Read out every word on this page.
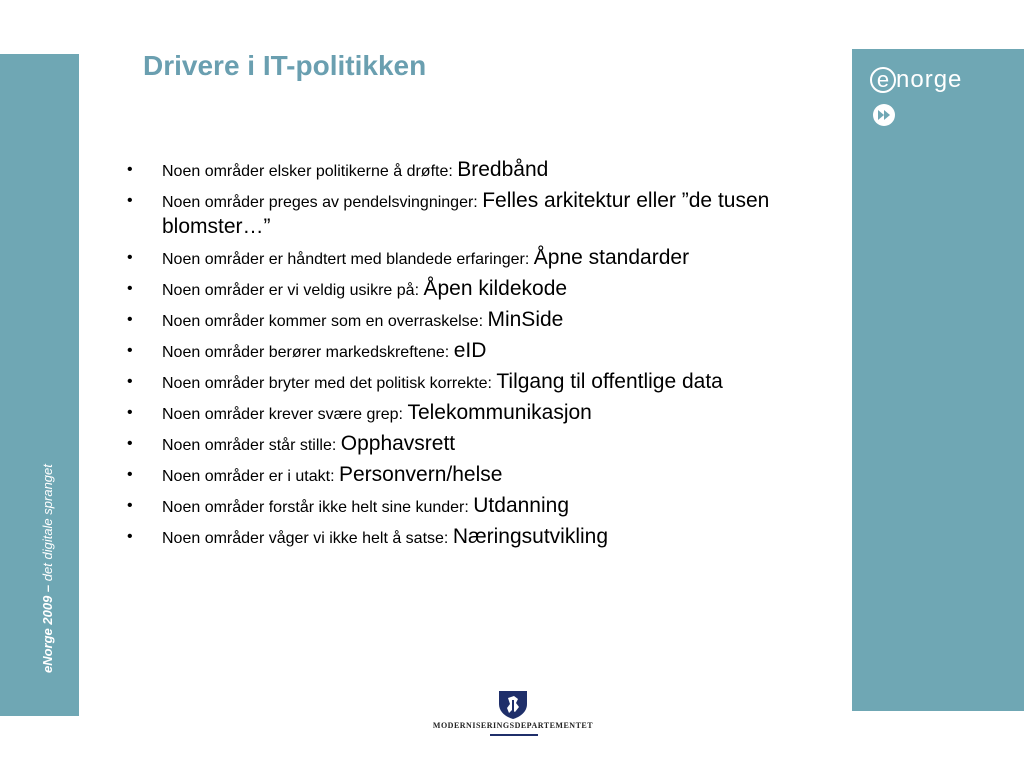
eNorge 2009 – det digitale spranget
e norge
Drivere i IT-politikken
• Noen områder elsker politikerne å drøfte: Bredbånd
• Noen områder preges av pendelsvingninger: Felles arkitektur eller ”de tusen blomster…”
• Noen områder er håndtert med blandede erfaringer: Åpne standarder
• Noen områder er vi veldig usikre på: Åpen kildekode
• Noen områder kommer som en overraskelse: MinSide
• Noen områder berører markedskreftene: eID
• Noen områder bryter med det politisk korrekte: Tilgang til offentlige data
• Noen områder krever svære grep: Telekommunikasjon
• Noen områder står stille: Opphavsrett
• Noen områder er i utakt: Personvern/helse
• Noen områder forstår ikke helt sine kunder: Utdanning
• Noen områder våger vi ikke helt å satse: Næringsutvikling
MODERNISERINGSDEPARTEMENTET
